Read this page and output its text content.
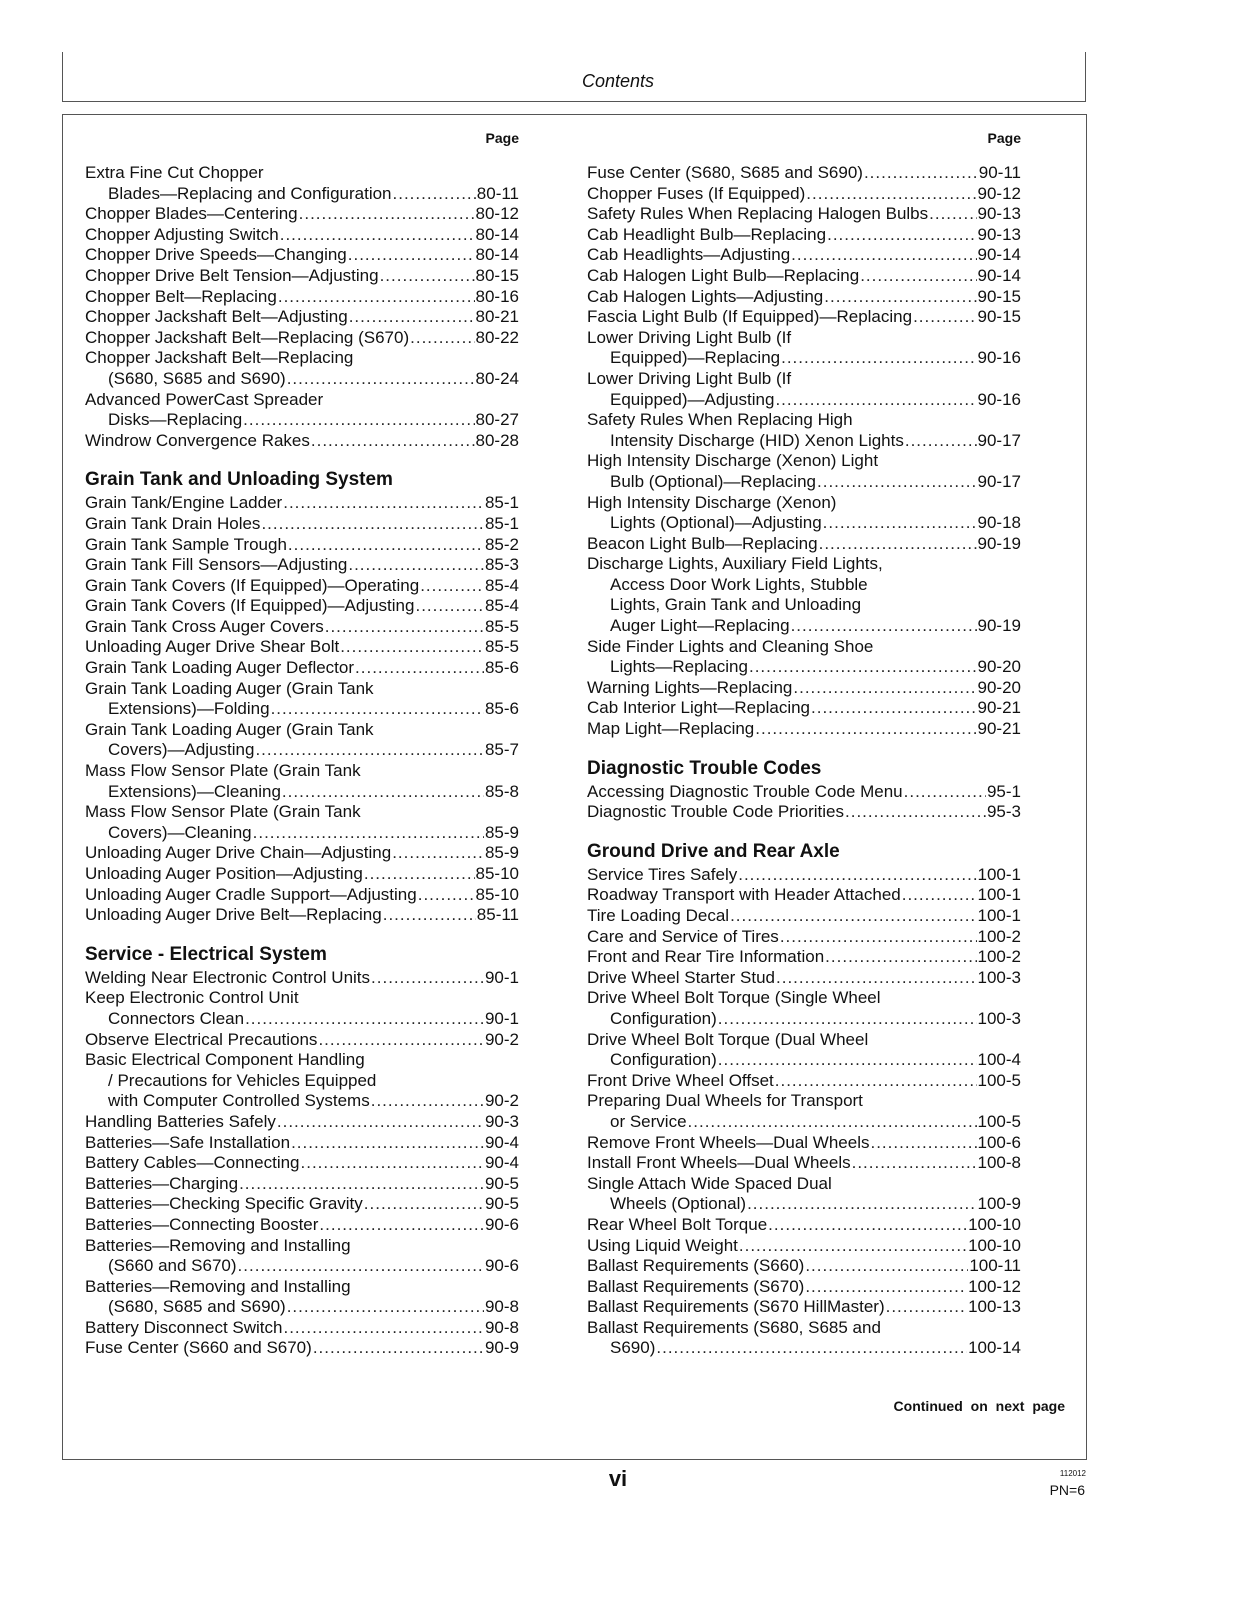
Contents
Page
Extra Fine Cut Chopper
Blades—Replacing and Configuration .....	80-11
Chopper Blades—Centering .....	80-12
Chopper Adjusting Switch .....	80-14
Chopper Drive Speeds—Changing .....	80-14
Chopper Drive Belt Tension—Adjusting .....	80-15
Chopper Belt—Replacing .....	80-16
Chopper Jackshaft Belt—Adjusting .....	80-21
Chopper Jackshaft Belt—Replacing (S670) .....	80-22
Chopper Jackshaft Belt—Replacing
(S680, S685 and S690) .....	80-24
Advanced PowerCast Spreader
Disks—Replacing .....	80-27
Windrow Convergence Rakes .....	80-28
Grain Tank and Unloading System
Grain Tank/Engine Ladder .....	85-1
Grain Tank Drain Holes .....	85-1
Grain Tank Sample Trough .....	85-2
Grain Tank Fill Sensors—Adjusting .....	85-3
Grain Tank Covers (If Equipped)—Operating .....	85-4
Grain Tank Covers (If Equipped)—Adjusting .....	85-4
Grain Tank Cross Auger Covers .....	85-5
Unloading Auger Drive Shear Bolt .....	85-5
Grain Tank Loading Auger Deflector .....	85-6
Grain Tank Loading Auger (Grain Tank
Extensions)—Folding .....	85-6
Grain Tank Loading Auger (Grain Tank
Covers)—Adjusting .....	85-7
Mass Flow Sensor Plate (Grain Tank
Extensions)—Cleaning .....	85-8
Mass Flow Sensor Plate (Grain Tank
Covers)—Cleaning .....	85-9
Unloading Auger Drive Chain—Adjusting .....	85-9
Unloading Auger Position—Adjusting .....	85-10
Unloading Auger Cradle Support—Adjusting .....	85-10
Unloading Auger Drive Belt—Replacing .....	85-11
Service - Electrical System
Welding Near Electronic Control Units .....	90-1
Keep Electronic Control Unit
Connectors Clean .....	90-1
Observe Electrical Precautions .....	90-2
Basic Electrical Component Handling
/ Precautions for Vehicles Equipped
with Computer Controlled Systems .....	90-2
Handling Batteries Safely .....	90-3
Batteries—Safe Installation .....	90-4
Battery Cables—Connecting .....	90-4
Batteries—Charging .....	90-5
Batteries—Checking Specific Gravity .....	90-5
Batteries—Connecting Booster .....	90-6
Batteries—Removing and Installing
(S660 and S670) .....	90-6
Batteries—Removing and Installing
(S680, S685 and S690) .....	90-8
Battery Disconnect Switch .....	90-8
Fuse Center (S660 and S670) .....	90-9
Page
Fuse Center (S680, S685 and S690) .....	90-11
Chopper Fuses (If Equipped) .....	90-12
Safety Rules When Replacing Halogen Bulbs .....	90-13
Cab Headlight Bulb—Replacing .....	90-13
Cab Headlights—Adjusting .....	90-14
Cab Halogen Light Bulb—Replacing .....	90-14
Cab Halogen Lights—Adjusting .....	90-15
Fascia Light Bulb (If Equipped)—Replacing .....	90-15
Lower Driving Light Bulb (If
Equipped)—Replacing .....	90-16
Lower Driving Light Bulb (If
Equipped)—Adjusting .....	90-16
Safety Rules When Replacing High
Intensity Discharge (HID) Xenon Lights .....	90-17
High Intensity Discharge (Xenon) Light
Bulb (Optional)—Replacing .....	90-17
High Intensity Discharge (Xenon)
Lights (Optional)—Adjusting .....	90-18
Beacon Light Bulb—Replacing .....	90-19
Discharge Lights, Auxiliary Field Lights,
Access Door Work Lights, Stubble
Lights, Grain Tank and Unloading
Auger Light—Replacing .....	90-19
Side Finder Lights and Cleaning Shoe
Lights—Replacing .....	90-20
Warning Lights—Replacing .....	90-20
Cab Interior Light—Replacing .....	90-21
Map Light—Replacing .....	90-21
Diagnostic Trouble Codes
Accessing Diagnostic Trouble Code Menu .....	95-1
Diagnostic Trouble Code Priorities .....	95-3
Ground Drive and Rear Axle
Service Tires Safely .....	100-1
Roadway Transport with Header Attached .....	100-1
Tire Loading Decal .....	100-1
Care and Service of Tires .....	100-2
Front and Rear Tire Information .....	100-2
Drive Wheel Starter Stud .....	100-3
Drive Wheel Bolt Torque (Single Wheel
Configuration) .....	100-3
Drive Wheel Bolt Torque (Dual Wheel
Configuration) .....	100-4
Front Drive Wheel Offset .....	100-5
Preparing Dual Wheels for Transport
or Service .....	100-5
Remove Front Wheels—Dual Wheels .....	100-6
Install Front Wheels—Dual Wheels .....	100-8
Single Attach Wide Spaced Dual
Wheels (Optional) .....	100-9
Rear Wheel Bolt Torque .....	100-10
Using Liquid Weight .....	100-10
Ballast Requirements (S660) .....	100-11
Ballast Requirements (S670) .....	100-12
Ballast Requirements (S670 HillMaster) .....	100-13
Ballast Requirements (S680, S685 and
S690) .....	100-14
Continued on next page
vi	112012
PN=6
